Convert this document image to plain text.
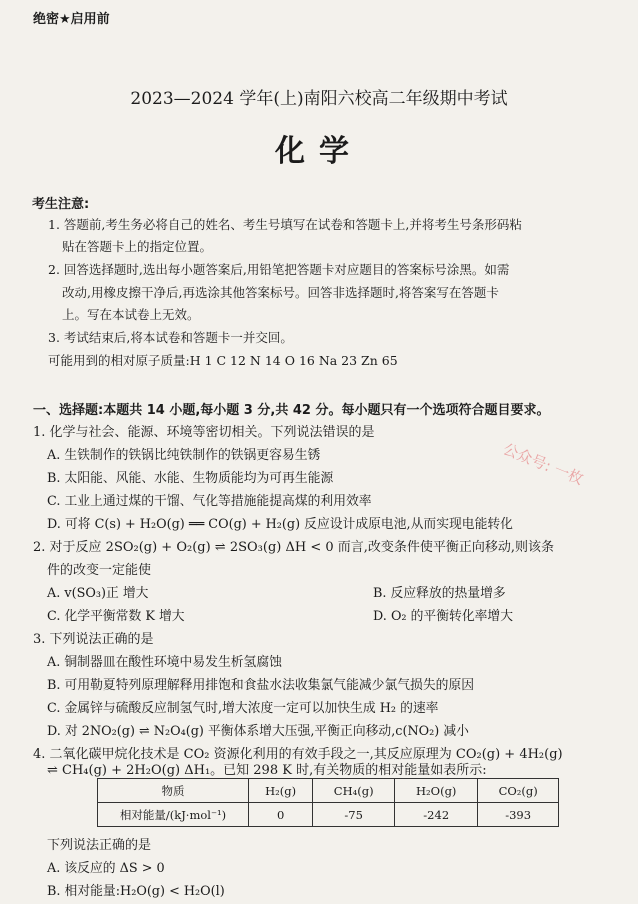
绝密★启用前
2023—2024 学年(上)南阳六校高二年级期中考试
化学
考生注意:
1. 答题前,考生务必将自己的姓名、考生号填写在试卷和答题卡上,并将考生号条形码粘
贴在答题卡上的指定位置。
2. 回答选择题时,选出每小题答案后,用铅笔把答题卡对应题目的答案标号涂黑。如需
改动,用橡皮擦干净后,再选涂其他答案标号。回答非选择题时,将答案写在答题卡
上。写在本试卷上无效。
3. 考试结束后,将本试卷和答题卡一并交回。
可能用到的相对原子质量:H 1 C 12 N 14 O 16 Na 23 Zn 65
一、选择题:本题共 14 小题,每小题 3 分,共 42 分。每小题只有一个选项符合题目要求。
1. 化学与社会、能源、环境等密切相关。下列说法错误的是
A. 生铁制作的铁锅比纯铁制作的铁锅更容易生锈
B. 太阳能、风能、水能、生物质能均为可再生能源
C. 工业上通过煤的干馏、气化等措施能提高煤的利用效率
D. 可将 C(s) + H₂O(g) ══ CO(g) + H₂(g) 反应设计成原电池,从而实现电能转化
2. 对于反应 2SO₂(g) + O₂(g) ⇌ 2SO₃(g) ΔH < 0 而言,改变条件使平衡正向移动,则该条
件的改变一定能使
A. v(SO₃)正 增大	B. 反应释放的热量增多
C. 化学平衡常数 K 增大	D. O₂ 的平衡转化率增大
3. 下列说法正确的是
A. 铜制器皿在酸性环境中易发生析氢腐蚀
B. 可用勒夏特列原理解释用排饱和食盐水法收集氯气能减少氯气损失的原因
C. 金属锌与硫酸反应制氢气时,增大浓度一定可以加快生成 H₂ 的速率
D. 对 2NO₂(g) ⇌ N₂O₄(g) 平衡体系增大压强,平衡正向移动,c(NO₂) 减小
4. 二氧化碳甲烷化技术是 CO₂ 资源化利用的有效手段之一,其反应原理为 CO₂(g) + 4H₂(g)
⇌ CH₄(g) + 2H₂O(g) ΔH₁。已知 298 K 时,有关物质的相对能量如表所示:
物质	H₂(g)	CH₄(g)	H₂O(g)	CO₂(g)
相对能量/(kJ·mol⁻¹)	0	-75	-242	-393
下列说法正确的是
A. 该反应的 ΔS > 0
B. 相对能量:H₂O(g) < H₂O(l)
公众号: 一枚
